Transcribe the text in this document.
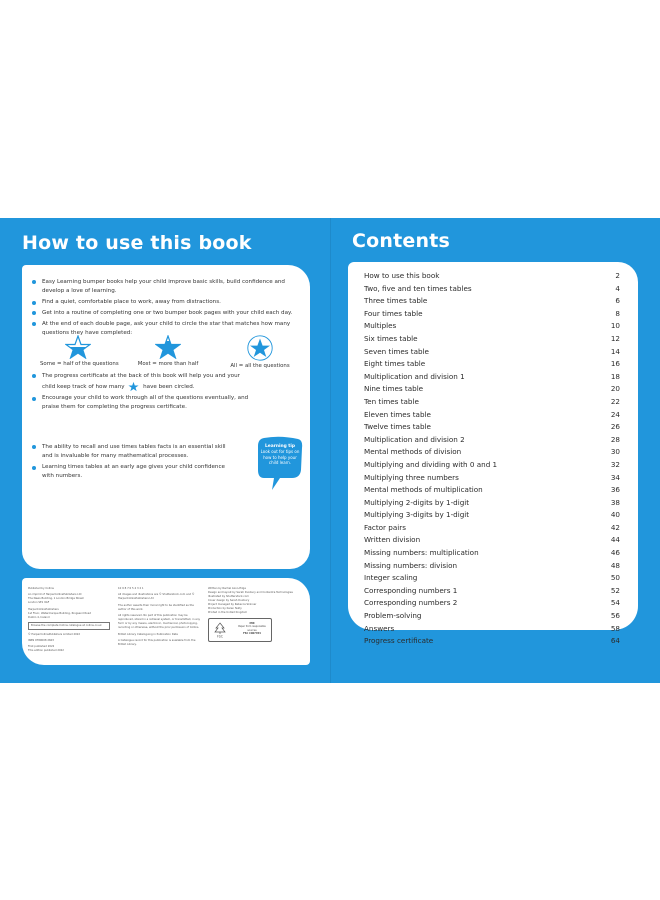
How to use this book
Easy Learning bumper books help your child improve basic skills, build confidence and develop a love of learning.
Find a quiet, comfortable place to work, away from distractions.
Get into a routine of completing one or two bumper book pages with your child each day.
At the end of each double page, ask your child to circle the star that matches how many questions they have completed:
Some = half of the questions	Most = more than half	All = all the questions
The progress certificate at the back of this book will help you and your child keep track of how many	have been circled.
Encourage your child to work through all of the questions eventually, and praise them for completing the progress certificate.
The ability to recall and use times tables facts is an essential skill and is invaluable for many mathematical processes.
Learning times tables at an early age gives your child confidence with numbers.
Learning tip
Look out for tips on how to help your child learn.

Published by Collins

An imprint of HarperCollinsPublishers Ltd

The News Building, 1 London Bridge Street

London SE1 9GF

HarperCollinsPublishers

1st Floor, Watermarque Building, Ringsend Road

Dublin 4, Ireland

Browse the complete Collins catalogue at collins.co.uk

© HarperCollinsPublishers Limited 2022

ISBN 9780008 2603

First published 2022

This edition published 2022

10 9 8 7 6 5 4 3 2 1

All images and illustrations are © Shutterstock.com and © HarperCollinsPublishers Ltd

The author asserts their moral right to be identified as the author of this work.

All rights reserved. No part of this publication may be reproduced, stored in a retrieval system, or transmitted, in any form or by any means, electronic, mechanical, photocopying, recording or otherwise, without the prior permission of Collins.

British Library Cataloguing in Publication Data

A Catalogue record for this publication is available from the British Library.

Written by Rachel Axon-Hilge

Design and layout by Sarah Duxbury and Contentra Technologies

Illustrated by Shutterstock.com

Cover design by Sarah Duxbury

Project managed by Rebecca Skinner

Production by Karen Nulty

Printed in the United Kingdom

FSC
MIX
Paper from responsible sources
FSC C007454
Contents
How to use this book	2
Two, five and ten times tables	4
Three times table	6
Four times table	8
Multiples	10
Six times table	12
Seven times table	14
Eight times table	16
Multiplication and division 1	18
Nine times table	20
Ten times table	22
Eleven times table	24
Twelve times table	26
Multiplication and division 2	28
Mental methods of division	30
Multiplying and dividing with 0 and 1	32
Multiplying three numbers	34
Mental methods of multiplication	36
Multiplying 2-digits by 1-digit	38
Multiplying 3-digits by 1-digit	40
Factor pairs	42
Written division	44
Missing numbers: multiplication	46
Missing numbers: division	48
Integer scaling	50
Corresponding numbers 1	52
Corresponding numbers 2	54
Problem-solving	56
Answers	58
Progress certificate	64
